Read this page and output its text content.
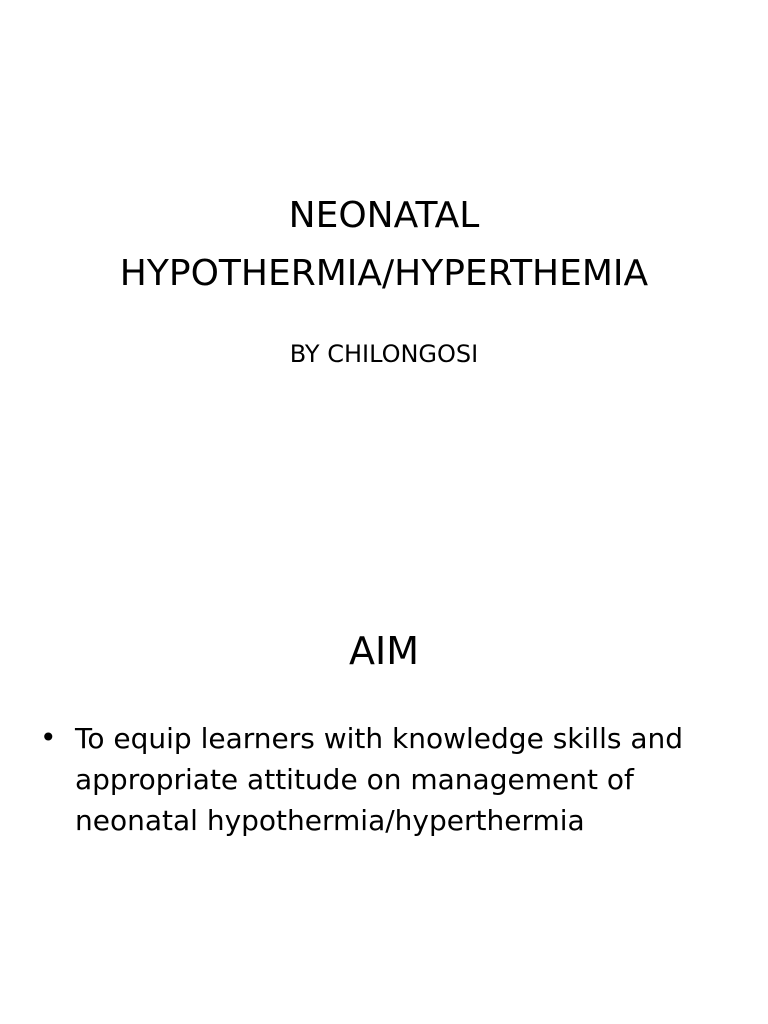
NEONATAL
HYPOTHERMIA/HYPERTHEMIA
BY CHILONGOSI
AIM
• To equip learners with knowledge skills and
appropriate attitude on management of
neonatal hypothermia/hyperthermia
